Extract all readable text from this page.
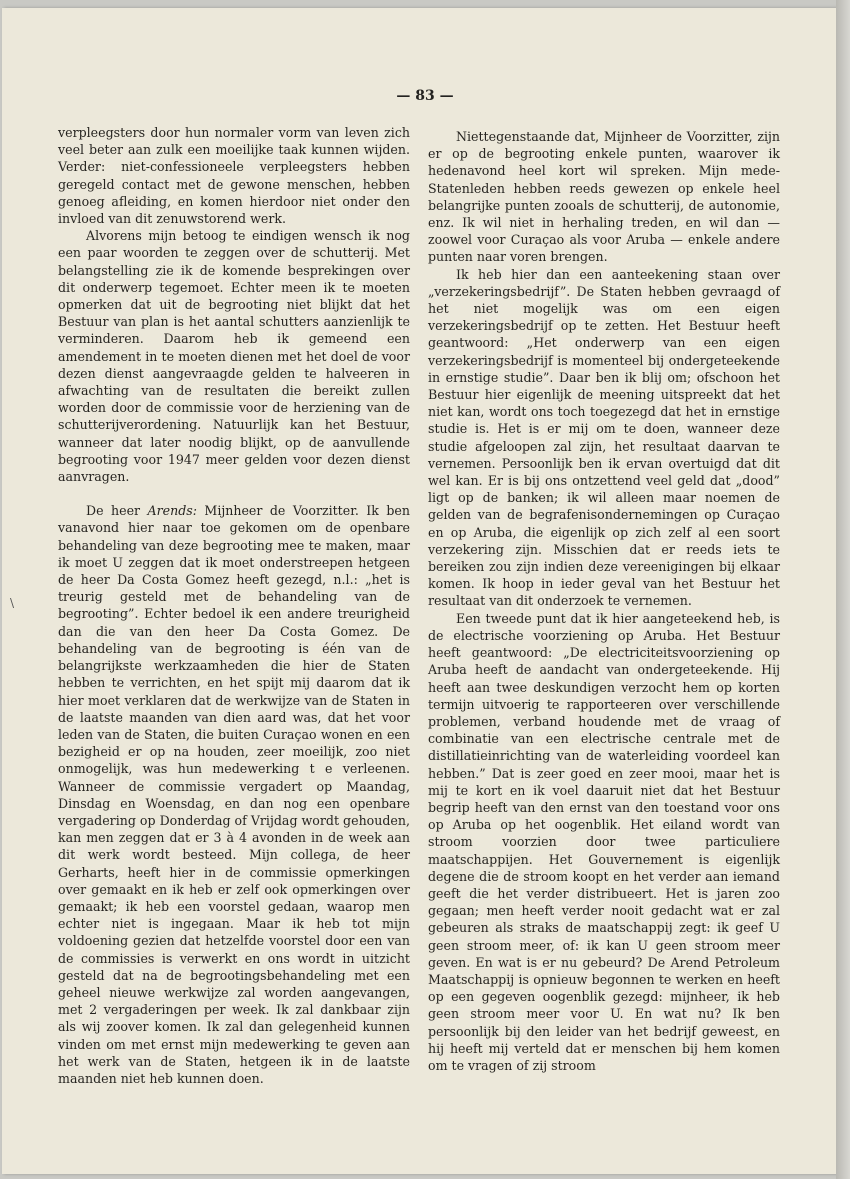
— 83 —
\

verpleegsters door hun normaler vorm van leven zich veel beter aan zulk een moeilijke taak kunnen wijden. Verder: niet-confessioneele verpleegsters hebben geregeld contact met de gewone menschen, hebben genoeg afleiding, en komen hierdoor niet onder den invloed van dit zenuwstorend werk.

Alvorens mijn betoog te eindigen wensch ik nog een paar woorden te zeggen over de schutterij. Met belangstelling zie ik de komende besprekingen over dit onderwerp tegemoet. Echter meen ik te moeten opmerken dat uit de begrooting niet blijkt dat het Bestuur van plan is het aantal schutters aanzienlijk te verminderen. Daarom heb ik gemeend een amendement in te moeten dienen met het doel de voor dezen dienst aangevraagde gelden te halveeren in afwachting van de resultaten die bereikt zullen worden door de commissie voor de herziening van de schutterijverordening. Natuurlijk kan het Bestuur, wanneer dat later noodig blijkt, op de aanvullende begrooting voor 1947 meer gelden voor dezen dienst aanvragen.

De heer Arends: Mijnheer de Voorzitter. Ik ben vanavond hier naar toe gekomen om de openbare behandeling van deze begrooting mee te maken, maar ik moet U zeggen dat ik moet onderstreepen hetgeen de heer Da Costa Gomez heeft gezegd, n.l.: „het is treurig gesteld met de behandeling van de begrooting”. Echter bedoel ik een andere treurigheid dan die van den heer Da Costa Gomez. De behandeling van de begrooting is één van de belangrijkste werkzaamheden die hier de Staten hebben te verrichten, en het spijt mij daarom dat ik hier moet verklaren dat de werkwijze van de Staten in de laatste maanden van dien aard was, dat het voor leden van de Staten, die buiten Curaçao wonen en een bezigheid er op na houden, zeer moeilijk, zoo niet onmogelijk, was hun medewerking t e verleenen. Wanneer de commissie vergadert op Maandag, Dinsdag en Woensdag, en dan nog een openbare vergadering op Donderdag of Vrijdag wordt gehouden, kan men zeggen dat er 3 à 4 avonden in de week aan dit werk wordt besteed. Mijn collega, de heer Gerharts, heeft hier in de commissie opmerkingen over gemaakt en ik heb er zelf ook opmerkingen over gemaakt; ik heb een voorstel gedaan, waarop men echter niet is ingegaan. Maar ik heb tot mijn voldoening gezien dat hetzelfde voorstel door een van de commissies is verwerkt en ons wordt in uitzicht gesteld dat na de begrootingsbehandeling met een geheel nieuwe werkwijze zal worden aangevangen, met 2 vergaderingen per week. Ik zal dankbaar zijn als wij zoover komen. Ik zal dan gelegenheid kunnen vinden om met ernst mijn medewerking te geven aan het werk van de Staten, hetgeen ik in de laatste maanden niet heb kunnen doen.

Niettegenstaande dat, Mijnheer de Voorzitter, zijn er op de begrooting enkele punten, waarover ik hedenavond heel kort wil spreken. Mijn mede-Statenleden hebben reeds gewezen op enkele heel belangrijke punten zooals de schutterij, de autonomie, enz. Ik wil niet in herhaling treden, en wil dan — zoowel voor Curaçao als voor Aruba — enkele andere punten naar voren brengen.

Ik heb hier dan een aanteekening staan over „verzekeringsbedrijf”. De Staten hebben gevraagd of het niet mogelijk was om een eigen verzekeringsbedrijf op te zetten. Het Bestuur heeft geantwoord: „Het onderwerp van een eigen verzekeringsbedrijf is momenteel bij ondergeteekende in ernstige studie”. Daar ben ik blij om; ofschoon het Bestuur hier eigenlijk de meening uitspreekt dat het niet kan, wordt ons toch toegezegd dat het in ernstige studie is. Het is er mij om te doen, wanneer deze studie afgeloopen zal zijn, het resultaat daarvan te vernemen. Persoonlijk ben ik ervan overtuigd dat dit wel kan. Er is bij ons ontzettend veel geld dat „dood” ligt op de banken; ik wil alleen maar noemen de gelden van de begrafenisondernemingen op Curaçao en op Aruba, die eigenlijk op zich zelf al een soort verzekering zijn. Misschien dat er reeds iets te bereiken zou zijn indien deze vereenigingen bij elkaar komen. Ik hoop in ieder geval van het Bestuur het resultaat van dit onderzoek te vernemen.

Een tweede punt dat ik hier aangeteekend heb, is de electrische voorziening op Aruba. Het Bestuur heeft geantwoord: „De electriciteitsvoorziening op Aruba heeft de aandacht van ondergeteekende. Hij heeft aan twee deskundigen verzocht hem op korten termijn uitvoerig te rapporteeren over verschillende problemen, verband houdende met de vraag of combinatie van een electrische centrale met de distillatieinrichting van de waterleiding voordeel kan hebben.” Dat is zeer goed en zeer mooi, maar het is mij te kort en ik voel daaruit niet dat het Bestuur begrip heeft van den ernst van den toestand voor ons op Aruba op het oogenblik. Het eiland wordt van stroom voorzien door twee particuliere maatschappijen. Het Gouvernement is eigenlijk degene die de stroom koopt en het verder aan iemand geeft die het verder distribueert. Het is jaren zoo gegaan; men heeft verder nooit gedacht wat er zal gebeuren als straks de maatschappij zegt: ik geef U geen stroom meer, of: ik kan U geen stroom meer geven. En wat is er nu gebeurd? De Arend Petroleum Maatschappij is opnieuw begonnen te werken en heeft op een gegeven oogenblik gezegd: mijnheer, ik heb geen stroom meer voor U. En wat nu? Ik ben persoonlijk bij den leider van het bedrijf geweest, en hij heeft mij verteld dat er menschen bij hem komen om te vragen of zij stroom
